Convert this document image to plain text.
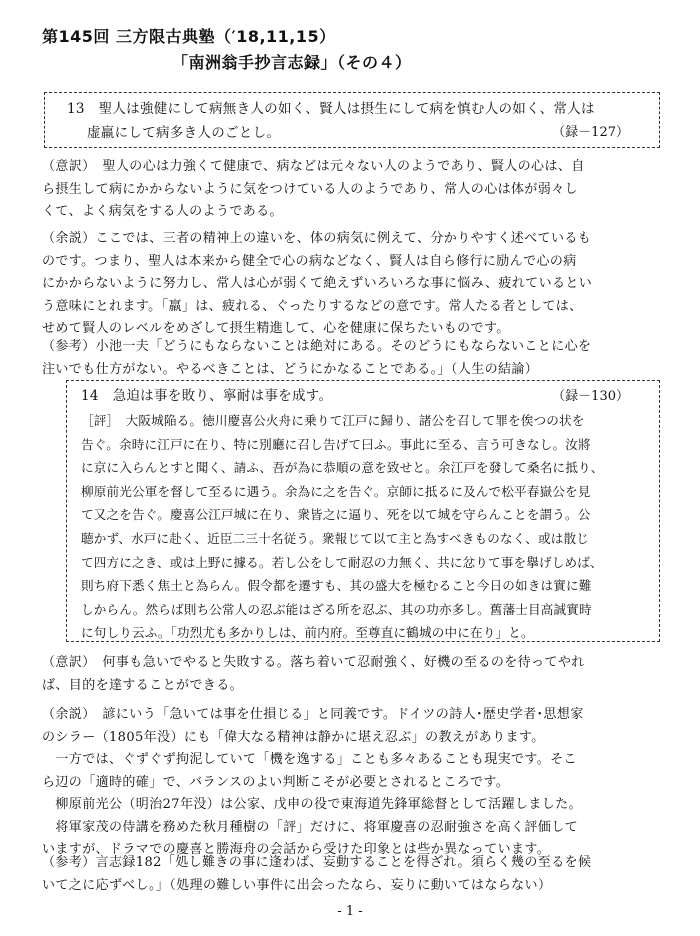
第145回 三方限古典塾（′18,11,15）
「南洲翁手抄言志録」（その４）
13　聖人は強健にして病無き人の如く、賢人は摂生にして病を慎む人の如く、常人は
虚羸にして病多き人のごとし。	（録－127）
（意訳）　聖人の心は力強くて健康で、病などは元々ない人のようであり、賢人の心は、自
ら摂生して病にかからないように気をつけている人のようであり、常人の心は体が弱々し
くて、よく病気をする人のようである。
（余説）ここでは、三者の精神上の違いを、体の病気に例えて、分かりやすく述べているも
のです。つまり、聖人は本来から健全で心の病などなく、賢人は自ら修行に励んで心の病
にかからないように努力し、常人は心が弱くて絶えずいろいろな事に悩み、疲れているとい
う意味にとれます。「羸」は、疲れる、ぐったりするなどの意です。常人たる者としては、
せめて賢人のレベルをめざして摂生精進して、心を健康に保ちたいものです。
（参考）小池一夫「どうにもならないことは絶対にある。そのどうにもならないことに心を
注いでも仕方がない。やるべきことは、どうにかなることである。」（人生の結論）
14　急迫は事を敗り、寧耐は事を成す。	（録－130）
［評］　大阪城陥る。徳川慶喜公火舟に乗りて江戸に歸り、諸公を召して罪を俟つの状を
告ぐ。余時に江戸に在り、特に別廳に召し告げて曰ふ。事此に至る、言う可きなし。汝將
に京に入らんとすと聞く、請ふ、吾が為に恭順の意を致せと。余江戸を發して桑名に抵り、
柳原前光公軍を督して至るに遇う。余為に之を告ぐ。京師に抵るに及んで松平春嶽公を見
て又之を告ぐ。慶喜公江戸城に在り、衆皆之に逼り、死を以て城を守らんことを謂う。公
聴かず、水戸に赴く、近臣二三十名従う。衆報じて以て主と為すべきものなく、或は散じ
て四方に之き、或は上野に據る。若し公をして耐忍の力無く、共に忿りて事を擧げしめば、
則ち府下悉く焦土と為らん。假令都を遷すも、其の盛大を極むること今日の如きは實に難
しからん。然らば則ち公常人の忍ぶ能はざる所を忍ぶ、其の功亦多し。舊藩士目高誠實時
に句しり云ふ。「功烈尤も多かりしは、前内府。至尊直に鶴城の中に在り」と。
（意訳）　何事も急いでやると失敗する。落ち着いて忍耐強く、好機の至るのを待ってやれ
ば、目的を達することができる。
（余説）　諺にいう「急いては事を仕損じる」と同義です。ドイツの詩人･歴史学者･思想家
のシラー（1805年没）にも「偉大なる精神は静かに堪え忍ぶ」の教えがあります。
　一方では、ぐずぐず拘泥していて「機を逸する」ことも多々あることも現実です。そこ
ら辺の「適時的確」で、バランスのよい判断こそが必要とされるところです。
　柳原前光公（明治27年没）は公家、戊申の役で東海道先鋒軍総督として活躍しました。
　将軍家茂の侍講を務めた秋月種樹の「評」だけに、将軍慶喜の忍耐強さを高く評価して
いますが、ドラマでの慶喜と勝海舟の会話から受けた印象とは些か異なっています。
（参考）言志録182「処し難きの事に逢わば、妄動することを得ざれ。須らく幾の至るを候
いて之に応ずべし。」（処理の難しい事件に出会ったなら、妄りに動いてはならない）
- 1 -
